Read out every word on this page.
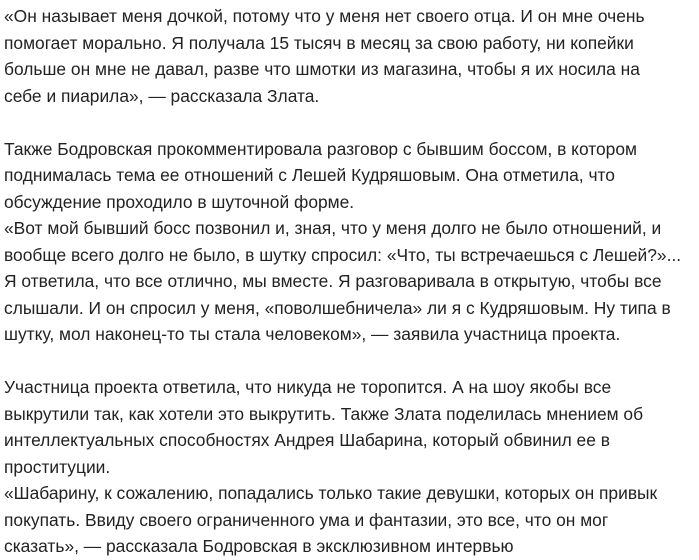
«Он называет меня дочкой, потому что у меня нет своего отца. И он мне очень
помогает морально. Я получала 15 тысяч в месяц за свою работу, ни копейки
больше он мне не давал, разве что шмотки из магазина, чтобы я их носила на
себе и пиарила», — рассказала Злата.

Также Бодровская прокомментировала разговор с бывшим боссом, в котором
поднималась тема ее отношений с Лешей Кудряшовым. Она отметила, что
обсуждение проходило в шуточной форме.
«Вот мой бывший босс позвонил и, зная, что у меня долго не было отношений, и
вообще всего долго не было, в шутку спросил: «Что, ты встречаешься с Лешей?»...
Я ответила, что все отлично, мы вместе. Я разговаривала в открытую, чтобы все
слышали. И он спросил у меня, «поволшебничела» ли я с Кудряшовым. Ну типа в
шутку, мол наконец-то ты стала человеком», — заявила участница проекта.

Участница проекта ответила, что никуда не торопится. А на шоу якобы все
выкрутили так, как хотели это выкрутить. Также Злата поделилась мнением об
интеллектуальных способностях Андрея Шабарина, который обвинил ее в
проституции.
«Шабарину, к сожалению, попадались только такие девушки, которых он привык
покупать. Ввиду своего ограниченного ума и фантазии, это все, что он мог
сказать», — рассказала Бодровская в эксклюзивном интервью
